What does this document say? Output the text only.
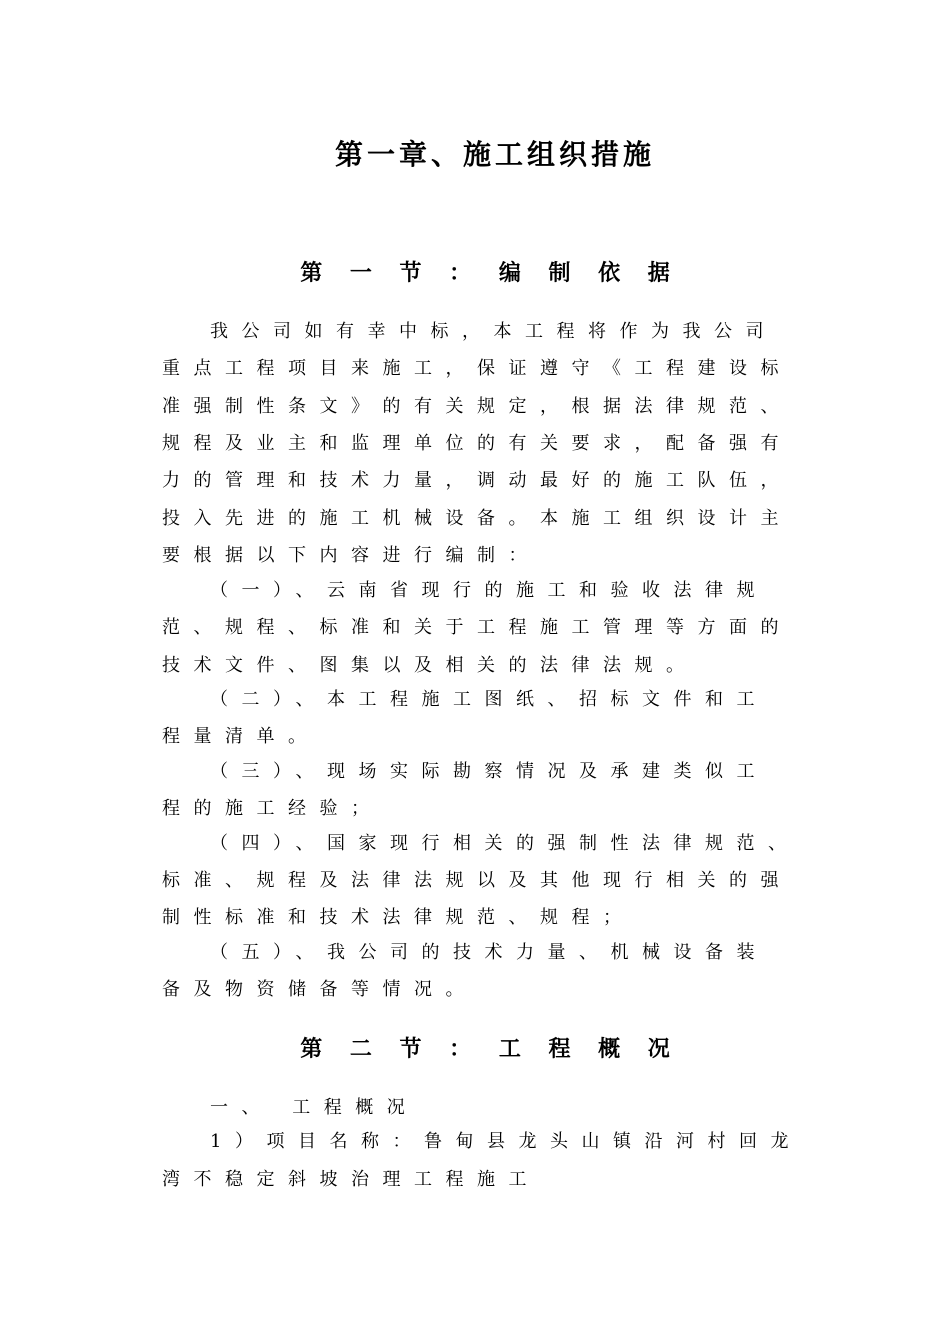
第一章、施工组织措施
第 一 节 ： 编 制 依 据

我公司如有幸中标，本工程将作为我公司

重点工程项目来施工，保证遵守《工程建设标

准强制性条文》的有关规定，根据法律规范、

规程及业主和监理单位的有关要求，配备强有

力的管理和技术力量，调动最好的施工队伍，

投入先进的施工机械设备。本施工组织设计主

要根据以下内容进行编制：

（一）、云南省现行的施工和验收法律规

范、规程、标准和关于工程施工管理等方面的

技术文件、图集以及相关的法律法规。

（二）、本工程施工图纸、招标文件和工

程量清单。

（三）、现场实际勘察情况及承建类似工

程的施工经验；

（四）、国家现行相关的强制性法律规范、

标准、规程及法律法规以及其他现行相关的强

制性标准和技术法律规范、规程；

（五）、我公司的技术力量、机械设备装

备及物资储备等情况。

第 二 节 ： 工 程 概 况

一、 工程概况

1）项目名称：鲁甸县龙头山镇沿河村回龙

湾不稳定斜坡治理工程施工
